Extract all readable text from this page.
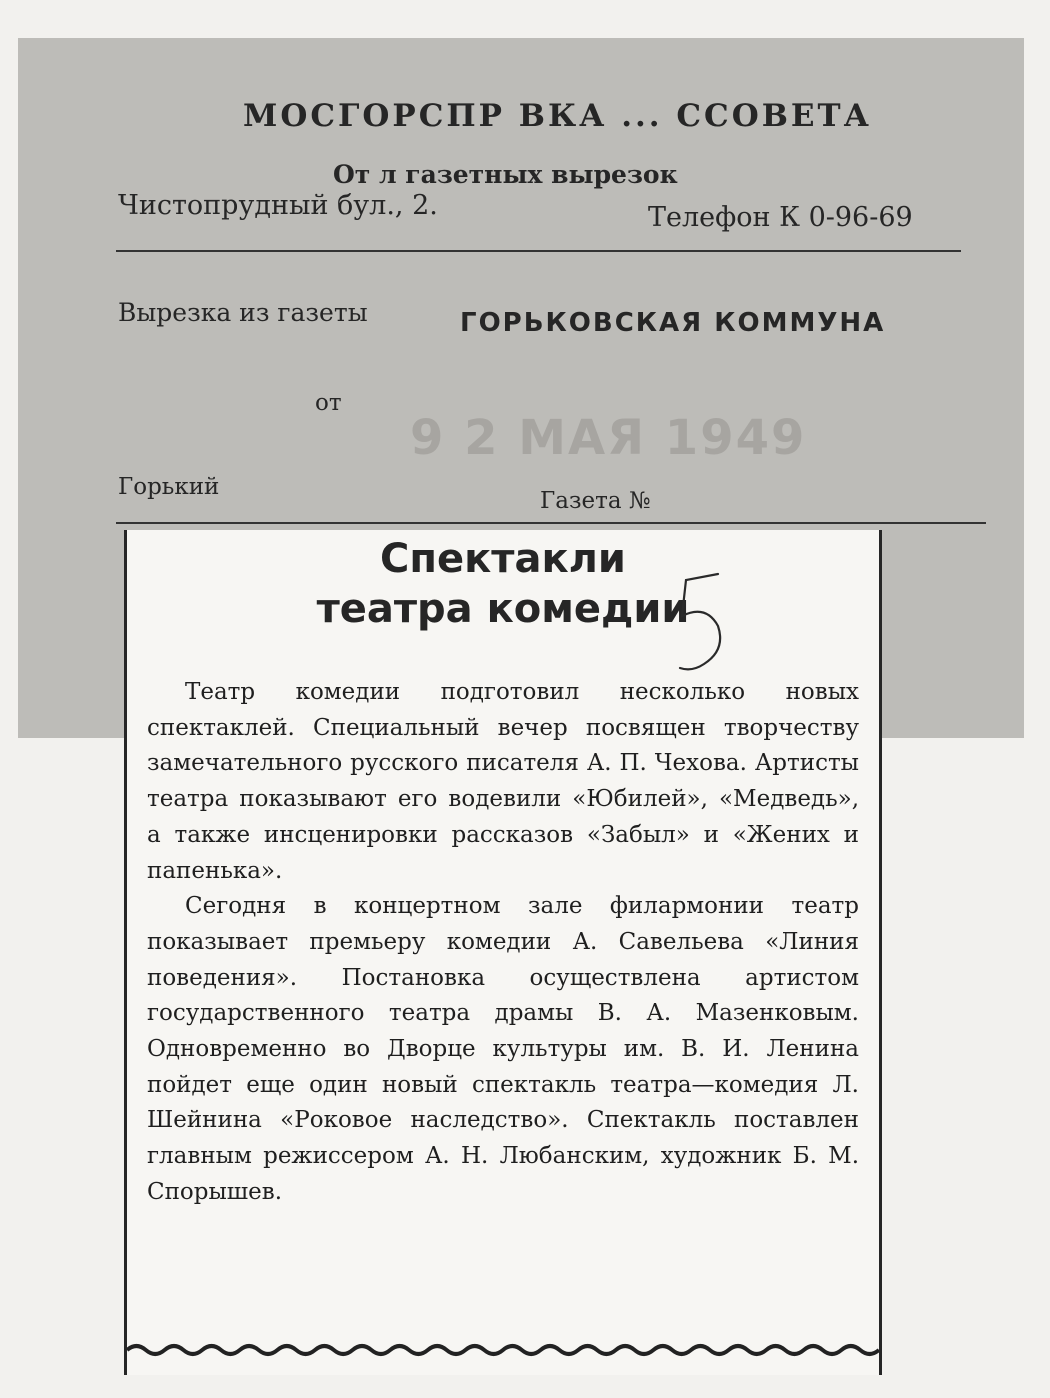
МОСГОРСПР ВКА ... ССОВЕТА
От л газетных вырезок
Чистопрудный бул., 2.	Телефон К 0-96-69
Вырезка из газеты	ГОРЬКОВСКАЯ КОММУНА
от
9 2 МАЯ 1949
Горький
Газета №

Спектакли

театра комедии

Театр комедии подготовил несколько новых спектаклей. Специальный вечер посвящен творчеству замечательного русского писателя А. П. Чехова. Артисты театра показывают его водевили «Юбилей», «Медведь», а также инсценировки рассказов «Забыл» и «Жених и папенька».

Сегодня в концертном зале филармонии театр показывает премьеру комедии А. Савельева «Линия поведения». Постановка осуществлена артистом государственного театра драмы В. А. Мазенковым. Одновременно во Дворце культуры им. В. И. Ленина пойдет еще один новый спектакль театра—комедия Л. Шейнина «Роковое наследство». Спектакль поставлен главным режиссером А. Н. Любанским, художник Б. М. Спорышев.
